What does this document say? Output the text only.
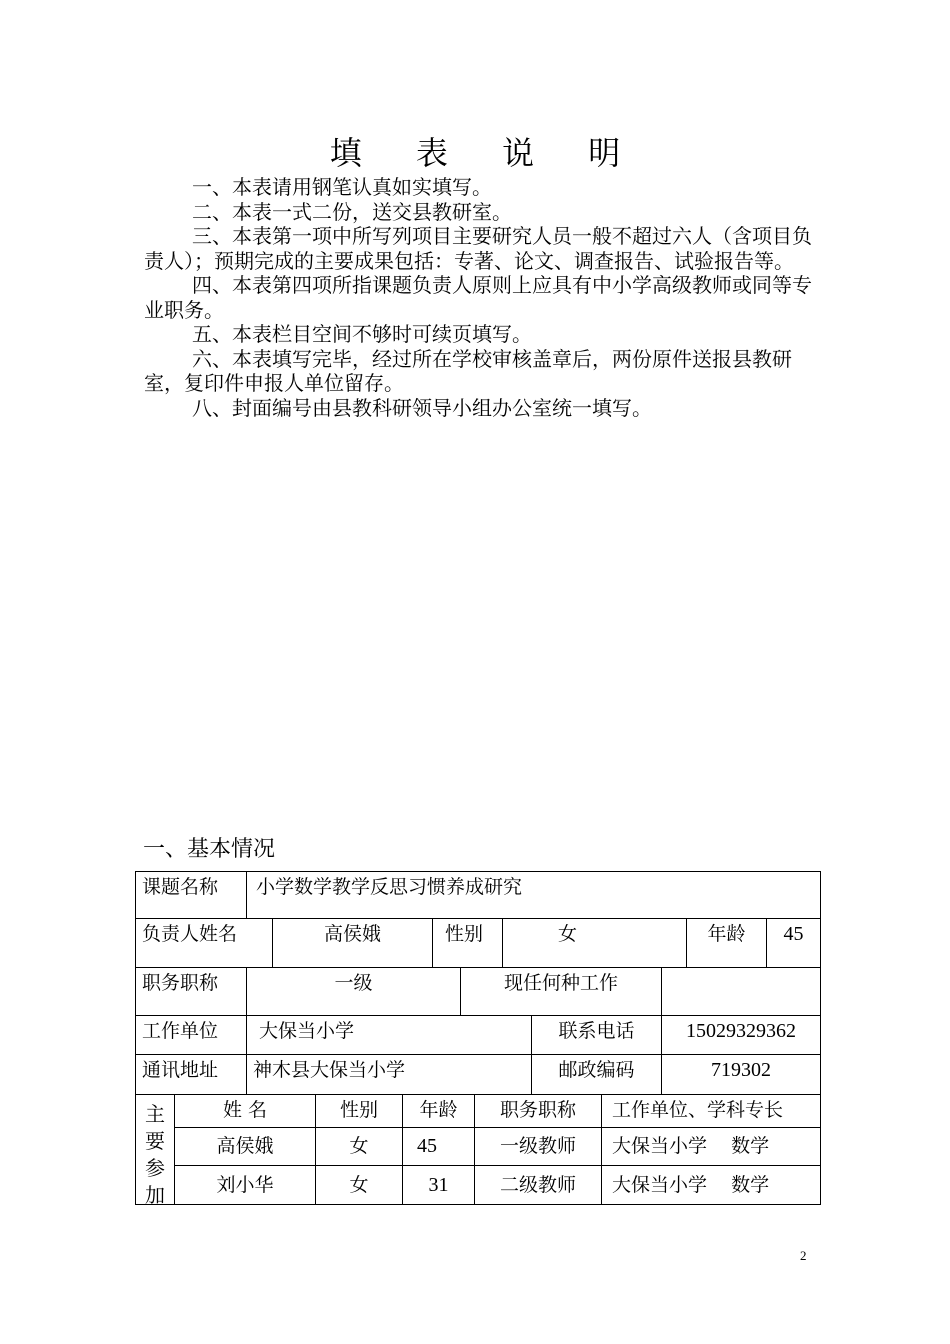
填 表 说 明

一、本表请用钢笔认真如实填写。

二、本表一式二份，送交县教研室。

三、本表第一项中所写列项目主要研究人员一般不超过六人（含项目负责人）；预期完成的主要成果包括：专著、论文、调查报告、试验报告等。

四、本表第四项所指课题负责人原则上应具有中小学高级教师或同等专业职务。

五、本表栏目空间不够时可续页填写。

六、本表填写完毕，经过所在学校审核盖章后，两份原件送报县教研室，复印件申报人单位留存。

八、封面编号由县教科研领导小组办公室统一填写。

一、基本情况
课题名称	小学数学教学反思习惯养成研究
负责人姓名	高侯娥	性别	女	年龄	45
职务职称	一级	现任何种工作
工作单位	大保当小学	联系电话	15029329362
通讯地址	神木县大保当小学	邮政编码	719302
主要参加
姓 名	性别	年龄	职务职称	工作单位、学科专长
高侯娥	女	45	一级教师	大保当小学    数学
刘小华	女	31	二级教师	大保当小学    数学
2
